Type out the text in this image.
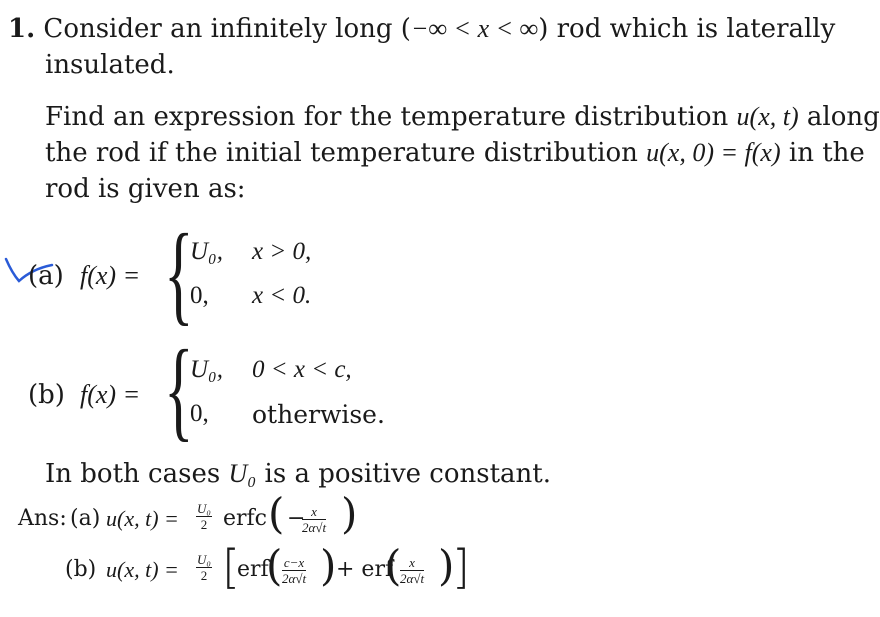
1. Consider an infinitely long (−∞ < x < ∞) rod which is laterally
insulated.
Find an expression for the temperature distribution u(x, t) along
the rod if the initial temperature distribution u(x, 0) = f(x) in the
rod is given as:
(a) f(x) = {
U₀, x > 0,
0, x < 0.
(b) f(x) = {
U₀, 0 < x < c,
0, otherwise.
In both cases U₀ is a positive constant.
Ans: (a) u(x, $t) = \frac{\text{U₀}}{2}$ erfc ( −
$\frac{x}{2\alpha√t}$ )
(b) u(x, $t) = \frac{\text{U₀}}{2}$ [
erf
( $\frac{c-x}{2\alpha√t}$ ) + erf
(
$\frac{x}{2\alpha√t}$ )
]
